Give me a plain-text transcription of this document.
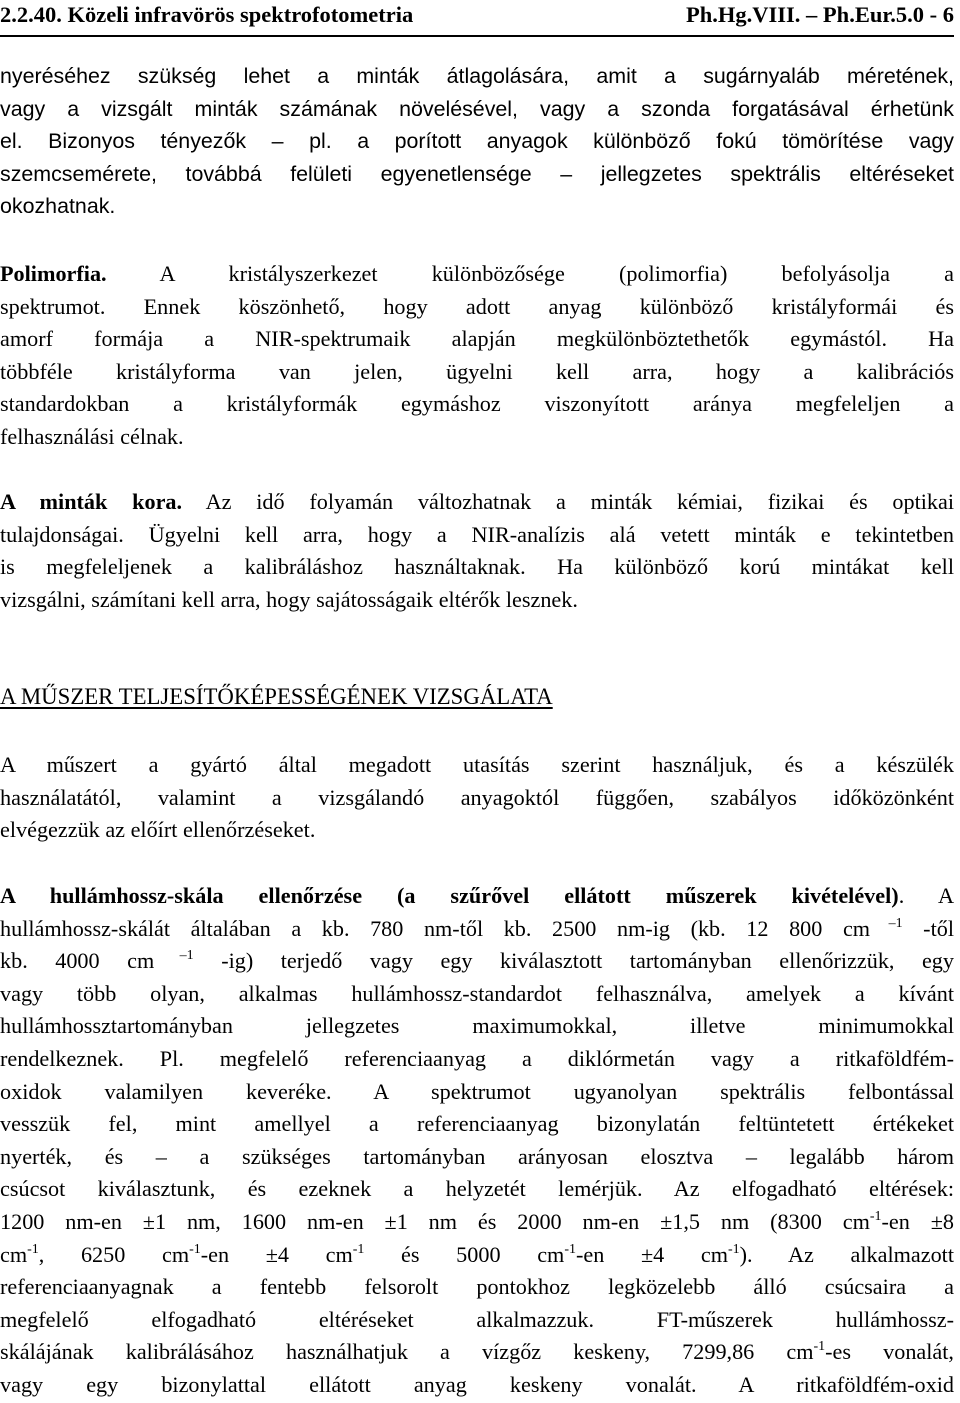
2.2.40. Közeli infravörös spektrofotometria	Ph.Hg.VIII. – Ph.Eur.5.0 - 6
nyeréséhez szükség lehet a minták átlagolására, amit a sugárnyaláb méretének,
vagy a vizsgált minták számának növelésével, vagy a szonda forgatásával érhetünk
el. Bizonyos tényezők – pl. a porított anyagok különböző fokú tömörítése vagy
szemcsemérete, továbbá felületi egyenetlensége – jellegzetes spektrális eltéréseket
okozhatnak.
Polimorfia. A kristályszerkezet különbözősége (polimorfia) befolyásolja a
spektrumot. Ennek köszönhető, hogy adott anyag különböző kristályformái és
amorf formája a NIR-spektrumaik alapján megkülönböztethetők egymástól. Ha
többféle kristályforma van jelen, ügyelni kell arra, hogy a kalibrációs
standardokban a kristályformák egymáshoz viszonyított aránya megfeleljen a
felhasználási célnak.
A minták kora. Az idő folyamán változhatnak a minták kémiai, fizikai és optikai
tulajdonságai. Ügyelni kell arra, hogy a NIR-analízis alá vetett minták e tekintetben
is megfeleljenek a kalibráláshoz használtaknak. Ha különböző korú mintákat kell
vizsgálni, számítani kell arra, hogy sajátosságaik eltérők lesznek.
A MŰSZER TELJESÍTŐKÉPESSÉGÉNEK VIZSGÁLATA
A műszert a gyártó által megadott utasítás szerint használjuk, és a készülék
használatától, valamint a vizsgálandó anyagoktól függően, szabályos időközönként
elvégezzük az előírt ellenőrzéseket.
A hullámhossz-skála ellenőrzése (a szűrővel ellátott műszerek kivételével). A
hullámhossz-skálát általában a kb. 780 nm-től kb. 2500 nm-ig (kb. 12 800 cm $^{-1}$ -től
kb. 4000 cm $^{-1}$ -ig) terjedő vagy egy kiválasztott tartományban ellenőrizzük, egy
vagy több olyan, alkalmas hullámhossz-standardot felhasználva, amelyek a kívánt
hullámhossztartományban jellegzetes maximumokkal, illetve minimumokkal
rendelkeznek. Pl. megfelelő referenciaanyag a diklórmetán vagy a ritkaföldfém-
oxidok valamilyen keveréke. A spektrumot ugyanolyan spektrális felbontással
vesszük fel, mint amellyel a referenciaanyag bizonylatán feltüntetett értékeket
nyerték, és – a szükséges tartományban arányosan elosztva – legalább három
csúcsot kiválasztunk, és ezeknek a helyzetét lemérjük. Az elfogadható eltérések:
1200 nm-en ±1 nm, 1600 nm-en ±1 nm és 2000 nm-en ±1,5 nm (8300 $cm^{-1}-en \pm 8$
$cm^{-1}$, 6250 $cm^{-1}-en \pm 4$ $cm^{-1}$ és 5000 $cm^{-1}-en \pm 4$ $cm^{-1}$). Az alkalmazott
referenciaanyagnak a fentebb felsorolt pontokhoz legközelebb álló csúcsaira a
megfelelő elfogadható eltéréseket alkalmazzuk. FT-műszerek hullámhossz-
skálájának kalibrálásához használhatjuk a vízgőz keskeny, 7299,86 $cm^{-1}-es$ vonalát,
vagy egy bizonylattal ellátott anyag keskeny vonalát. A ritkaföldfém-oxid
